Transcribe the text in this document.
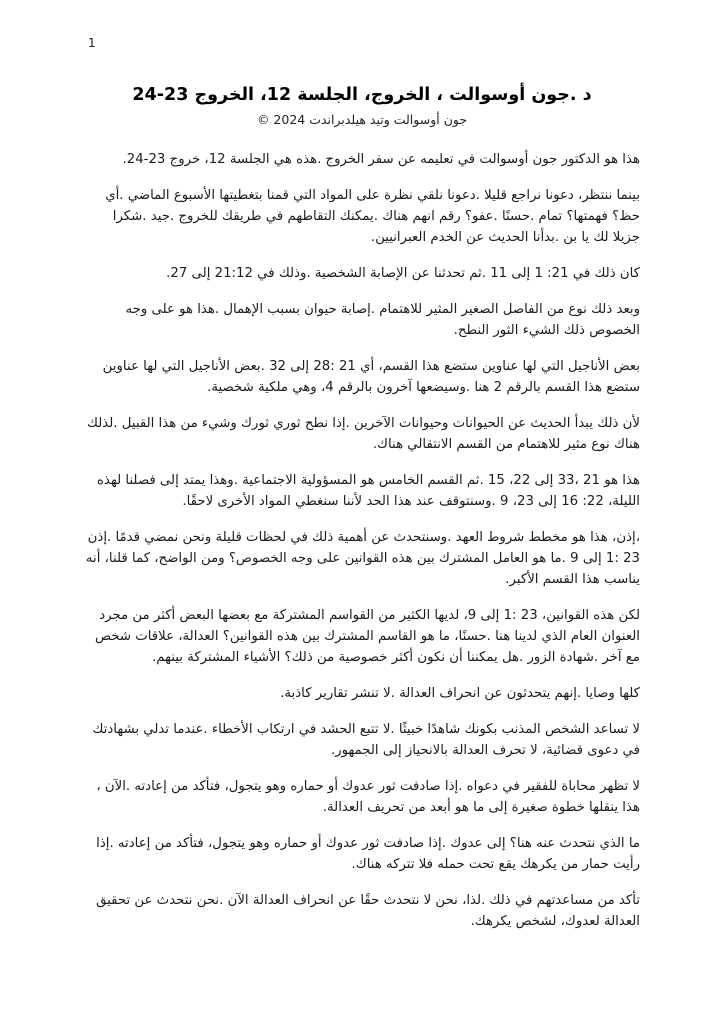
1
د .جون أوسوالت ، الخروج، الجلسة 12، الخروج 23-24
جون أوسوالت وتيد هيلدبراندت 2024 ©

هذا هو الدكتور جون أوسوالت في تعليمه عن سفر الخروج .هذه هي الجلسة 12، خروج 23-24.

بينما ننتظر، دعونا نراجع قليلا .دعونا نلقي نظرة على المواد التي قمنا بتغطيتها الأسبوع الماضي .أي حظ؟ فهمتها؟ تمام .حسنًا .عفو؟ رقم انهم هناك .يمكنك التقاطهم في طريقك للخروج .جيد .شكرا جزيلا لك يا بن .بدأنا الحديث عن الخدم العبرانيين.

كان ذلك في 21: 1 إلى 11 .ثم تحدثنا عن الإصابة الشخصية .وذلك في 21:12 إلى 27.

وبعد ذلك نوع من الفاصل الصغير المثير للاهتمام .إصابة حيوان بسبب الإهمال .هذا هو على وجه الخصوص ذلك الشيء الثور النطح.

بعض الأناجيل التي لها عناوين ستضع هذا القسم، أي 21 :28 إلى 32 .بعض الأناجيل التي لها عناوين ستضع هذا القسم بالرقم 2 هنا .وسيضعها آخرون بالرقم 4، وهي ملكية شخصية.

لأن ذلك يبدأ الحديث عن الحيوانات وحيوانات الآخرين .إذا نطح ثوري ثورك وشيء من هذا القبيل .لذلك هناك نوع مثير للاهتمام من القسم الانتقالي هناك.

هذا هو 21 ،33 إلى 22، 15 .ثم القسم الخامس هو المسؤولية الاجتماعية .وهذا يمتد إلى فصلنا لهذه الليلة، 22: 16 إلى 23، 9 .وسنتوقف عند هذا الحد لأننا سنغطي المواد الأخرى لاحقًا.

،إذن، هذا هو مخطط شروط العهد .وسنتحدث عن أهمية ذلك في لحظات قليلة ونحن نمضي قدمًا .إذن 23 :1 إلى 9 .ما هو العامل المشترك بين هذه القوانين على وجه الخصوص؟ ومن الواضح، كما قلنا، أنه يناسب هذا القسم الأكبر.

لكن هذه القوانين، 23 :1 إلى 9، لديها الكثير من القواسم المشتركة مع بعضها البعض أكثر من مجرد العنوان العام الذي لدينا هنا .حسنًا، ما هو القاسم المشترك بين هذه القوانين؟ العدالة، علاقات شخص مع آخر .شهادة الزور .هل يمكننا أن نكون أكثر خصوصية من ذلك؟ الأشياء المشتركة بينهم.

كلها وصايا .إنهم يتحدثون عن انحراف العدالة .لا تنشر تقارير كاذبة.

لا تساعد الشخص المذنب بكونك شاهدًا خبيثًا .لا تتبع الحشد في ارتكاب الأخطاء .عندما تدلي بشهادتك في دعوى قضائية، لا تحرف العدالة بالانحياز إلى الجمهور.

لا تظهر محاباة للفقير في دعواه .إذا صادفت ثور عدوك أو حماره وهو يتجول، فتأكد من إعادته .الآن ، هذا ينقلها خطوة صغيرة إلى ما هو أبعد من تحريف العدالة.

ما الذي نتحدث عنه هنا؟ إلى عدوك .إذا صادفت ثور عدوك أو حماره وهو يتجول، فتأكد من إعادته .إذا رأيت حمار من يكرهك يقع تحت حمله فلا تتركه هناك.

تأكد من مساعدتهم في ذلك .لذا، نحن لا نتحدث حقًا عن انحراف العدالة الآن .نحن نتحدث عن تحقيق العدالة لعدوك، لشخص يكرهك.
